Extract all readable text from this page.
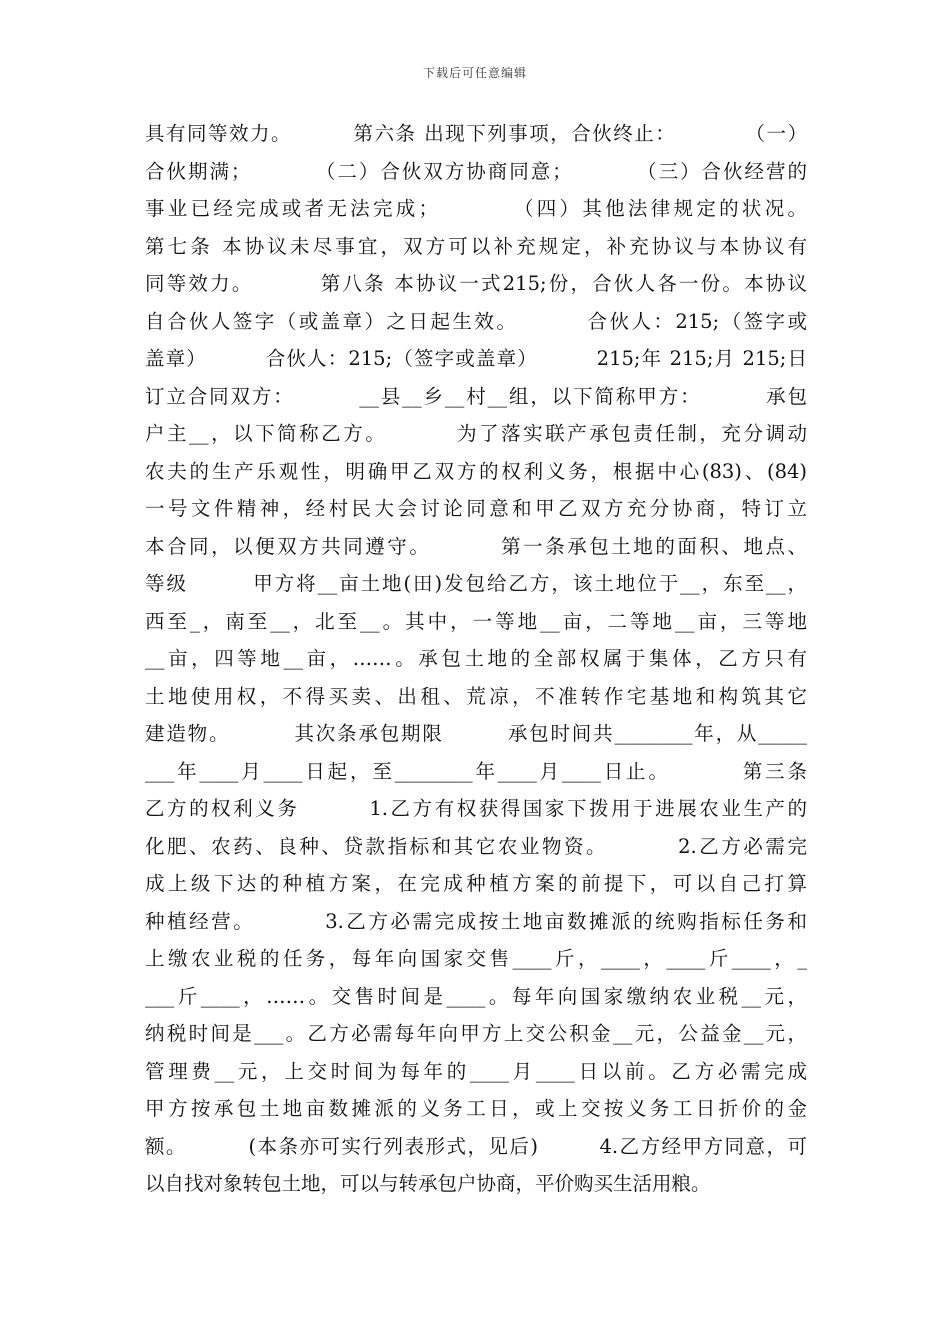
下载后可任意编辑
具有同等效力。        第六条 出现下列事项，合伙终止：         （一）
合伙期满；        （二）合伙双方协商同意；        （三）合伙经营的
事业已经完成或者无法完成；        （四）其他法律规定的状况。
第七条 本协议未尽事宜，双方可以补充规定，补充协议与本协议有
同等效力。        第八条 本协议一式215;份，合伙人各一份。本协议
自合伙人签字（或盖章）之日起生效。        合伙人：215;（签字或
盖章）        合伙人：215;（签字或盖章）        215;年 215;月 215;日
订立合同双方：        __县__乡__村__组，以下简称甲方：        承包
户主__，以下简称乙方。        为了落实联产承包责任制，充分调动
农夫的生产乐观性，明确甲乙双方的权利义务，根据中心(83)、(84)
一号文件精神，经村民大会讨论同意和甲乙双方充分协商，特订立
本合同，以便双方共同遵守。        第一条承包土地的面积、地点、
等级        甲方将__亩土地(田)发包给乙方，该土地位于__，东至__，
西至_，南至__，北至__。其中，一等地__亩，二等地__亩，三等地
__亩，四等地__亩，……。承包土地的全部权属于集体，乙方只有
土地使用权，不得买卖、出租、荒凉，不准转作宅基地和构筑其它
建造物。        其次条承包期限        承包时间共________年，从_____
___年____月____日起，至________年____月____日止。        第三条
乙方的权利义务        1.乙方有权获得国家下拨用于进展农业生产的
化肥、农药、良种、贷款指标和其它农业物资。        2.乙方必需完
成上级下达的种植方案，在完成种植方案的前提下，可以自己打算
种植经营。        3.乙方必需完成按土地亩数摊派的统购指标任务和
上缴农业税的任务，每年向国家交售____斤，____，____斤____，_
___斤____，……。交售时间是____。每年向国家缴纳农业税__元，
纳税时间是___。乙方必需每年向甲方上交公积金__元，公益金__元，
管理费__元，上交时间为每年的____月____日以前。乙方必需完成
甲方按承包土地亩数摊派的义务工日，或上交按义务工日折价的金
额。        (本条亦可实行列表形式，见后)        4.乙方经甲方同意，可
以自找对象转包土地，可以与转承包户协商，平价购买生活用粮。
